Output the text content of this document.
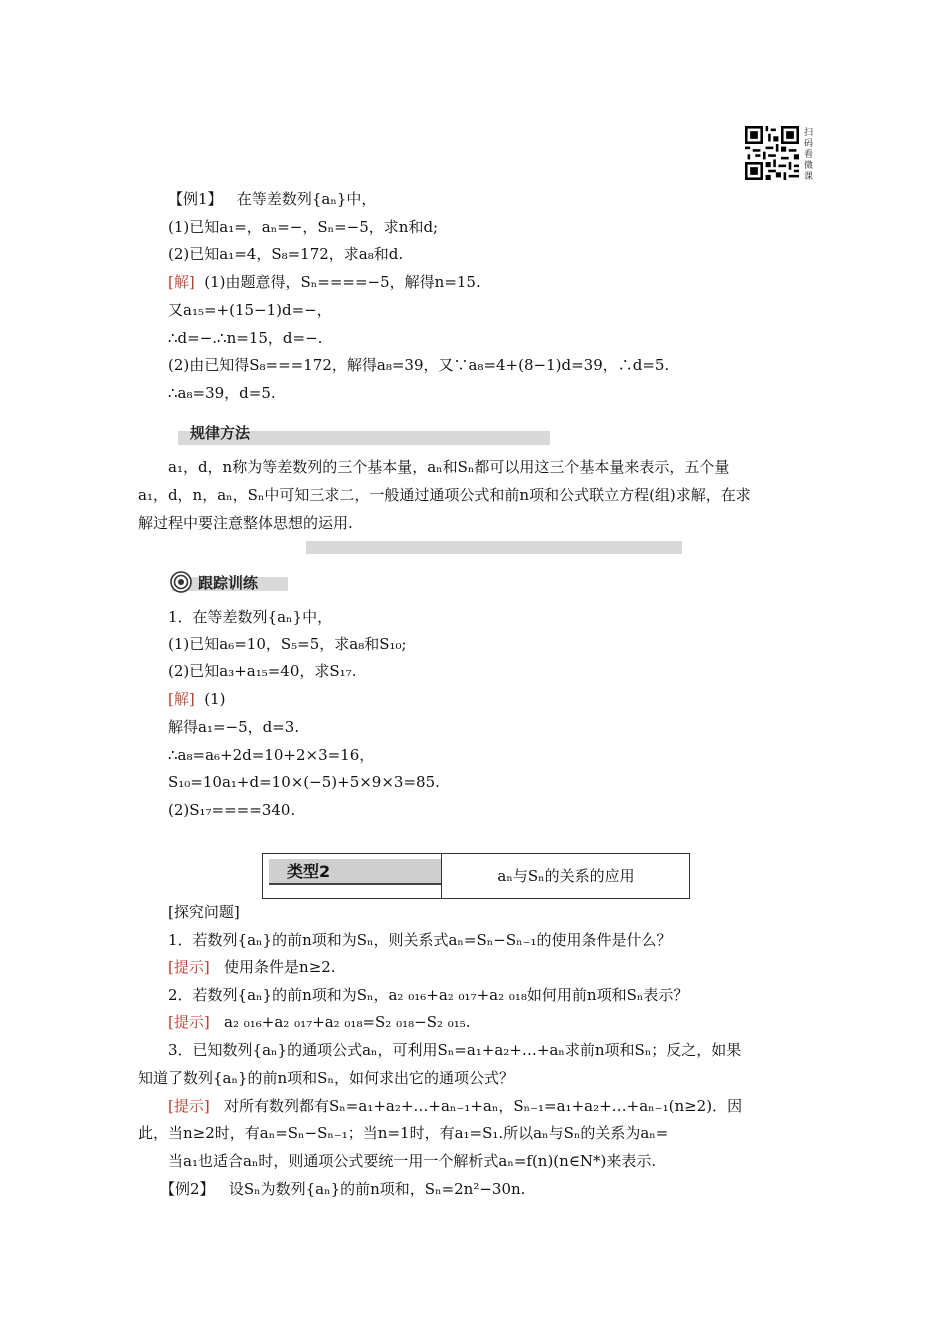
扫码看微课
【例1】 在等差数列{aₙ}中，
(1)已知a₁=，aₙ=−，Sₙ=−5，求n和d;
(2)已知a₁=4，S₈=172，求a₈和d.
[解] (1)由题意得，Sₙ====−5，解得n=15.
又a₁₅=+(15−1)d=−，
∴d=−.∴n=15，d=−.
(2)由已知得S₈===172，解得a₈=39，又∵a₈=4+(8−1)d=39，∴d=5.
∴a₈=39，d=5.
规律方法
a₁，d，n称为等差数列的三个基本量，aₙ和Sₙ都可以用这三个基本量来表示，五个量
a₁，d，n，aₙ，Sₙ中可知三求二，一般通过通项公式和前n项和公式联立方程(组)求解，在求
解过程中要注意整体思想的运用.
跟踪训练
1．在等差数列{aₙ}中，
(1)已知a₆=10，S₅=5，求a₈和S₁₀;
(2)已知a₃+a₁₅=40，求S₁₇.
[解] (1)
解得a₁=−5，d=3.
∴a₈=a₆+2d=10+2×3=16，
S₁₀=10a₁+d=10×(−5)+5×9×3=85.
(2)S₁₇====340.
类型2	aₙ与Sₙ的关系的应用
[探究问题]
1．若数列{aₙ}的前n项和为Sₙ，则关系式aₙ=Sₙ−Sₙ₋₁的使用条件是什么？
[提示] 使用条件是n≥2.
2．若数列{aₙ}的前n项和为Sₙ，a₂ ₀₁₆+a₂ ₀₁₇+a₂ ₀₁₈如何用前n项和Sₙ表示？
[提示] a₂ ₀₁₆+a₂ ₀₁₇+a₂ ₀₁₈=S₂ ₀₁₈−S₂ ₀₁₅.
3．已知数列{aₙ}的通项公式aₙ，可利用Sₙ=a₁+a₂+…+aₙ求前n项和Sₙ；反之，如果
知道了数列{aₙ}的前n项和Sₙ，如何求出它的通项公式？
[提示] 对所有数列都有Sₙ=a₁+a₂+…+aₙ₋₁+aₙ，Sₙ₋₁=a₁+a₂+…+aₙ₋₁(n≥2)．因
此，当n≥2时，有aₙ=Sₙ−Sₙ₋₁；当n=1时，有a₁=S₁.所以aₙ与Sₙ的关系为aₙ=
当a₁也适合aₙ时，则通项公式要统一用一个解析式aₙ=f(n)(n∈N*)来表示.
【例2】 设Sₙ为数列{aₙ}的前n项和，Sₙ=2n²−30n.
